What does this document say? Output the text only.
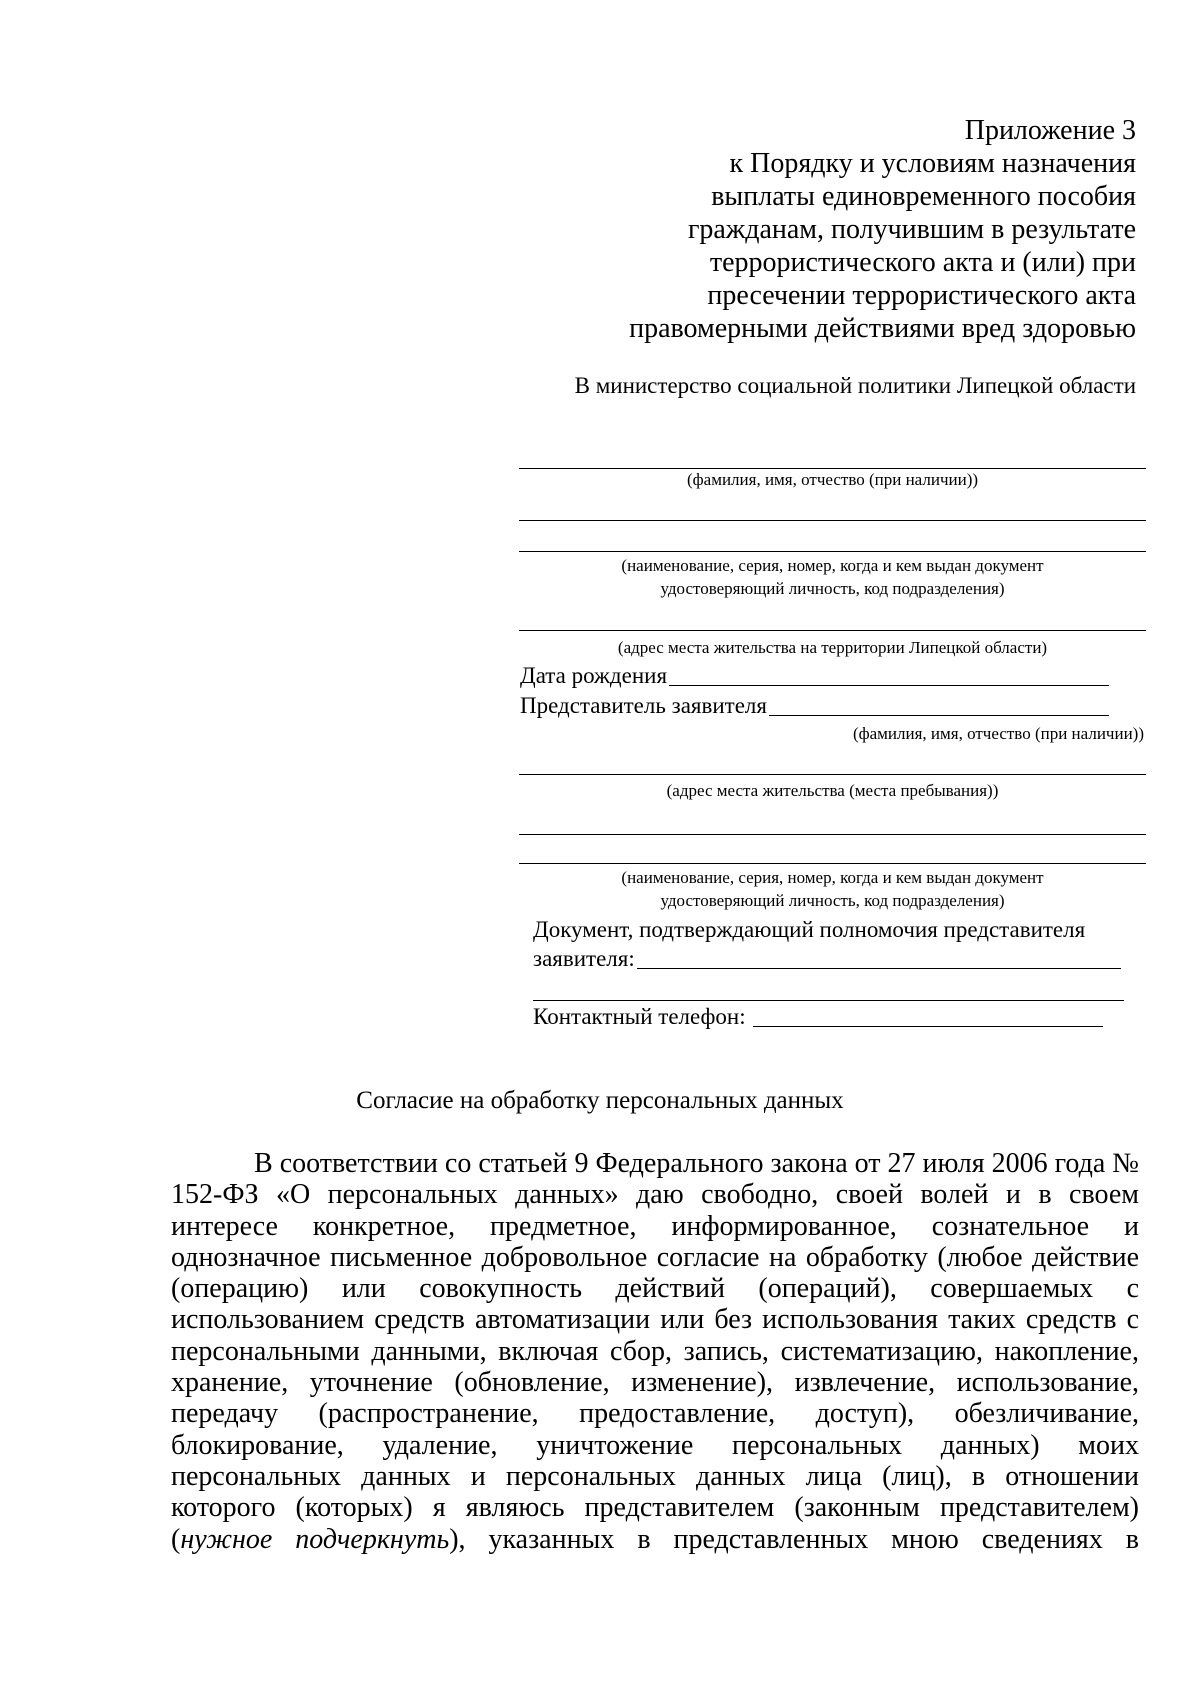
Приложение 3
к Порядку и условиям назначения
выплаты единовременного пособия
гражданам, получившим в результате
террористического акта и (или) при
пресечении террористического акта
правомерными действиями вред здоровью
В министерство социальной политики Липецкой области
(фамилия, имя, отчество (при наличии))
(наименование, серия, номер, когда и кем выдан документ
удостоверяющий личность, код подразделения)
(адрес места жительства на территории Липецкой области)
Дата рождения
Представитель заявителя
(фамилия, имя, отчество (при наличии))
(адрес места жительства (места пребывания))
(наименование, серия, номер, когда и кем выдан документ
удостоверяющий личность, код подразделения)
Документ, подтверждающий полномочия представителя
заявителя:
Контактный телефон:
Согласие на обработку персональных данных
В соответствии со статьей 9 Федерального закона от 27 июля 2006 года № 152-ФЗ «О персональных данных» даю свободно, своей волей и в своем интересе конкретное, предметное, информированное, сознательное и однозначное письменное добровольное согласие на обработку (любое действие (операцию) или совокупность действий (операций), совершаемых с использованием средств автоматизации или без использования таких средств с персональными данными, включая сбор, запись, систематизацию, накопление, хранение, уточнение (обновление, изменение), извлечение, использование, передачу (распространение, предоставление, доступ), обезличивание, блокирование, удаление, уничтожение персональных данных) моих персональных данных и персональных данных лица (лиц), в отношении которого (которых) я являюсь представителем (законным представителем) (нужное подчеркнуть), указанных в представленных мною сведениях в
